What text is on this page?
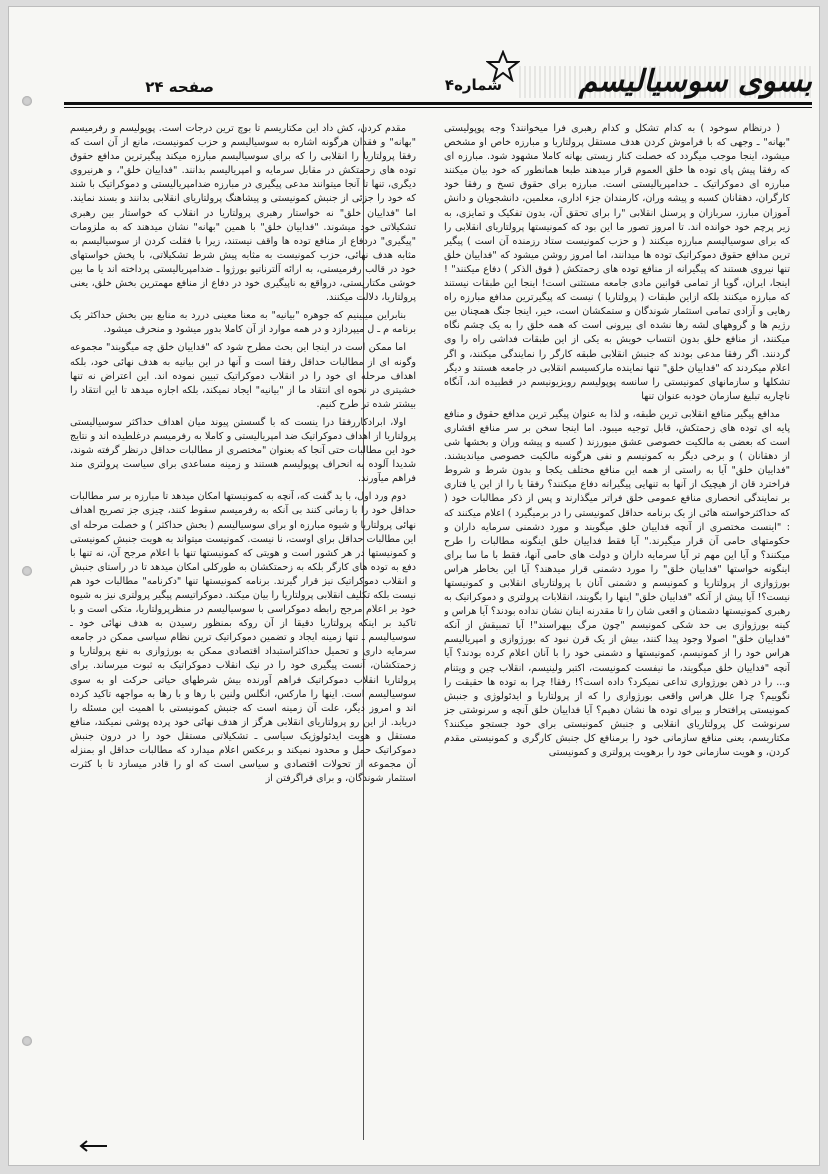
بسوی سوسیالیسم
شماره۴
صفحه ۲۴

( درنظام سوخود ) به کدام تشکل و کدام رهبری فرا میخوانند؟ وجه پوپولیستی "بهانه" ـ وجهی که با فراموش کردن هدف مستقل پرولتاریا و مبارزه خاص او مشخص میشود، اینجا موجب میگردد که خصلت کنار زیستی بهانه کاملا مشهود شود. مبارزه ای که رفقا پیش پای توده ها خلق العموم قرار میدهند طبعا همانطور که خود بیان میکنند مبارزه ای دموکراتیک ـ خدامپریالیستی است. مبارزه برای حقوق تسخ و رفقا خود کارگران، دهقانان کسبه و پیشه وران، کارمندان جزء اداری، معلمین، دانشجویان و دانش آموزان مبارز، سربازان و پرسنل انقلابی "را برای تحقق آن، بدون تفکیک و تمایزی، به زیر پرچم خود خوانده اند. تا امروز تصور ما این بود که کمونیستها پرولتاریای انقلابی را که برای سوسیالیسم مبارزه میکنند ( و حزب کمونیست ستاد رزمنده آن است ) پیگیر ترین مدافع حقوق دموکراتیک توده ها میدانند، اما امروز روشن میشود که "فداییان خلق تنها نیروی هستند که پیگیرانه از منافع توده های زحمتکش ( فوق الذکر ) دفاع میکنند" ! اینجا، ایران، گویا از تمامی قوانین مادی جامعه مستثنی است! اینجا این طبقات نیستند که مبارزه میکنند بلکه ازاین طبقات ( پرولتاریا ) نیست که پیگیرترین مدافع مبارزه راه رهایی و آزادی تمامی استثمار شوندگان و ستمکشان است، خیر، اینجا جنگ همچنان بین رژیم ها و گروههای لشه رها نشده ای بیرونی است که همه خلق را به یک چشم نگاه میکنند، از منافع خلق بدون انتساب خویش به یکی از این طبقات فداشی راه را وی گردنند. اگر رفقا مدعی بودند که جنبش انقلابی طبقه کارگر را نمایندگی میکنند، و اگر اعلام میکردند که "فداییان خلق" تنها نماینده مارکسیسم انقلابی در جامعه هستند و دیگر تشکلها و سازمانهای کمونیستی را سانسه پوپولیسم رویزیونیسم در قطبیده اند، آنگاه ناچاریه تبلیغ سازمان خودبه عنوان تنها

مدافع پیگیر منافع انقلابی ترین طبقه، و لذا به عنوان پیگیر ترین مدافع حقوق و منافع پایه ای توده های زحمتکش، قابل توجیه میبود. اما اینجا سخن بر سر منافع اقشاری است که بعضی به مالکیت خصوصی عشق میورزند ( کسبه و پیشه وران و بخشها شی از دهقانان ) و برخی دیگر به کمونیسم و نفی هرگونه مالکیت خصوصی میاندیشند. "فداییان خلق" آیا به راستی از همه این منافع مختلف یکجا و بدون شرط و شروط فراخترد قان از هیچیک از آنها به تنهایی پیگیرانه دفاع میکنند؟ رفقا یا را از این یا فتاری بر نمایندگی انحصاری منافع عمومی خلق فراتر میگذارند و پس از ذکر مطالبات خود ( که حداکثرخواسته هائی از یک برنامه حداقل کمونیستی را در برمیگیرد ) اعلام میکنند که : "اینست مختصری از آنچه فداییان خلق میگویند و مورد دشمنی سرمایه داران و حکومتهای حامی آن قرار میگیرند." آیا فقط فداییان خلق اینگونه مطالبات را طرح میکنند؟ و آیا این مهم تر آیا سرمایه داران و دولت های حامی آنها، فقط با ما سا برای اینگونه خواستها "فداییان خلق" را مورد دشمنی قرار میدهند؟ آیا این بخاطر هراس بورژوازی از پرولتاریا و کمونیسم و دشمنی آنان با پرولتاریای انقلابی و کمونیستها نیست؟! آیا پیش از آنکه "فداییان خلق" اینها را بگویند، انقلابات پرولتری و دموکراتیک به رهبری کمونیستها دشمنان و اقعی شان را تا مقدرنه اینان نشان نداده بودند؟ آیا هراس و کینه بورژوازی بی حد شکی کمونیسم "چون مرگ بیهراسند"! آیا تمبیقش از آنکه "فداییان خلق" اصولا وجود پیدا کنند، بیش از یک قرن نبود که بورژوازی و امپریالیسم هراس خود را از کمونیسم، کمونیستها و دشمنی خود را با آنان اعلام کرده بودند؟ آیا آنچه "فداییان خلق میگویند، ما نیفست کمونیست، اکتبر ولینیسم، انقلاب چین و ویتنام و... را در ذهن بورژوازی تداعی نمیکرد؟ داده است؟! رفقا! چرا به توده ها حقیقت را نگوییم؟ چرا علل هراس واقعی بورژوازی را که از پرولتاریا و ایدئولوژی و جنبش کمونیستی پرافتخار و بیرای توده ها نشان دهیم؟ آیا فداییان خلق آنچه و سرنوشتی جز سرنوشت کل پرولتاریای انقلابی و جنبش کمونیستی برای خود جستجو میکنند؟ مکتاریسم، یعنی منافع سازمانی خود را برمنافع کل جنبش کارگری و کمونیستی مقدم کردن، و هویت سازمانی خود را برهویت پرولتری و کمونیستی

مقدم کردن، کش داد این مکتاریسم تا بوچ ترین درجات است. پوپولیسم و رفرمیسم "بهانه" و فقدان هرگونه اشاره به سوسیالیسم و حزب کمونیست، مانع از آن است که رفقا پرولتاریا را انقلابی را که برای سوسیالیسم مبارزه میکند پیگیرترین مدافع حقوق توده های زحمتکش در مقابل سرمایه و امپریالیسم بدانند. "فداییان خلق"، و هرنیروی دیگری، تنها تا آنجا میتوانند مدعی پیگیری در مبارزه ضدامپریالیستی و دموکراتیک با شند که خود را جزئی از جنبش کمونیستی و پیشاهنگ پرولتاریای انقلابی بدانند و بسند نمایند. اما "فداییان خلق" نه خواستار رهبری پرولتاریا در انقلاب که خواستار بین رهبری تشکیلاتی خود میشوند. "فداییان خلق" با همین "بهانه" نشان میدهند که به ملزومات "پیگیری" دردفاع از منافع توده ها واقف نیستند، زیرا با فقلت کردن از سوسیالیسم به مثابه هدف نهائی، حزب کمونیست به مثابه پیش شرط تشکیلاتی، با پخش خواستهای خود در قالب رفرمیستی، به ارائه آلترناتیو بورژوا ـ ضدامپریالیستی پرداخته اند یا ما بین خوشی مکتاریستی، درواقع به ناپیگیری خود در دفاع از منافع مهمترین بخش خلق، یعنی پرولتاریا، دلالت میکنند.

بنابراین میبینیم که جوهره "بیانیه" به معنا معینی دررد به منابع بین بخش حداکثر یک برنامه م ـ ل میپردازد و در همه موارد از آن کاملا بدور میشود و منحرف میشود.

اما ممکن است در اینجا این بحث مطرح شود که "فداییان خلق چه میگویند" مجموعه وگونه ای از مطالبات حداقل رفقا است و آنها در این بیانیه به هدف نهائی خود، بلکه اهداف مرحله ای خود را در انقلاب دموکراتیک تبیین نموده اند. این اعتراض نه تنها خشیتری در نحوه ای انتقاد ما از "بیانیه" ایجاد نمیکند، بلکه اجازه میدهد تا این انتقاد را بیشتر شده تر طرح کنیم.

اولا، ابرادکاررفقا درا ینست که با گسستن پیوند میان اهداف حداکثر سوسیالیستی پرولتاریا از اهداف دموکراتیک ضد امپریالیستی و کاملا به رفرمیسم درغلطیده اند و نتایج خود این مطالبات حتی آنجا که بعنوان "مختصری از مطالبات حداقل درنظر گرفته شوند، شدیدا آلوده به انحراف پوپولیسم هستند و زمینه مساعدی برای سیاست پرولتری مند فراهم میآورند.

دوم ورد اول، با ید گفت که، آنچه به کمونیستها امکان میدهد تا مبارزه بر سر مطالبات حداقل خود را با زمانی کنند بی آنکه به رفرمیسم سقوط کنند، چیزی جز تصریح اهداف نهائی پرولتاریا و شیوه مبارزه او برای سوسیالیسم ( بخش حداکثر ) و خصلت مرحله ای این مطالبات حداقل برای اوست، نا نیست. کمونیست میتواند به هویت جنبش کمونیستی و کمونیستها در هر کشور است و هویتی که کمونیستها تنها با اعلام مرجح آن، نه تنها با دفع به توده های کارگر بلکه به زحمتکشان به طورکلی امکان میدهد تا در راستای جنبش و انقلاب دموکراتیک نیز قرار گیرند. برنامه کمونیستها تنها "دکرنامه" مطالبات خود هم نیست بلکه تکلیف انقلابی پرولتاریا را بیان میکند. دموکراتیسم پیگیر پرولتری نیز به شیوه خود بر اعلام مرجح رابطه دموکراسی با سوسیالیسم در منظرپرولتاریا، متکی است و با تاکید بر اینکه پرولتاریا دقیقا از آن روکه بمنظور رسیدن به هدف نهائی خود ـ سوسیالیسم ـ تنها زمینه ایجاد و تضمین دموکراتیک ترین نظام سیاسی ممکن در جامعه سرمایه داری و تحمیل حداکثراستبداد اقتصادی ممکن به بورژوازی به نفع پرولتاریا و زحمتکشان، آنست پیگیری خود را در نیک انقلاب دموکراتیک به ثبوت میرساند. برای پرولتاریا انقلاب دموکراتیک فراهم آورنده بیش شرطهای حیاتی حرکت او به سوی سوسیالیسم است. اینها را مارکس، انگلس ولنین با رها و با رها به مواجهه تاکید کرده اند و امروز دیگر، علت آن زمینه است که جنبش کمونیستی با اهمیت این مسئله را دریابد. از این رو پرولتاریای انقلابی هرگز از هدف نهائی خود پرده پوشی نمیکند، منافع مستقل و هویت ایدئولوژیک سیاسی ـ تشکیلاتی مستقل خود را در درون جنبش دموکراتیک حمل و محدود نمیکند و برعکس اعلام میدارد که مطالبات حداقل او بمنزله آن مجموعه از تحولات اقتصادی و سیاسی است که او را قادر میسازد تا با کثرت استثمار شوندگان، و برای فراگرفتن از
